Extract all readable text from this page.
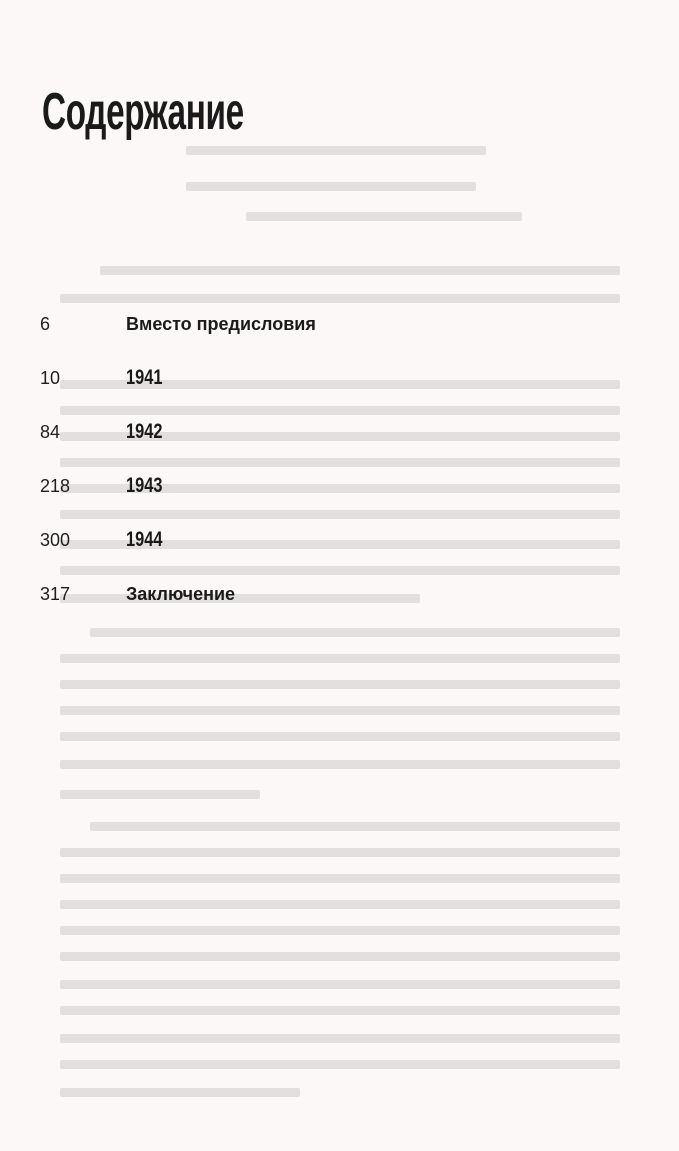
Содержание
6	Вместо предисловия
10	1941
84	1942
218	1943
300	1944
317	Заключение
